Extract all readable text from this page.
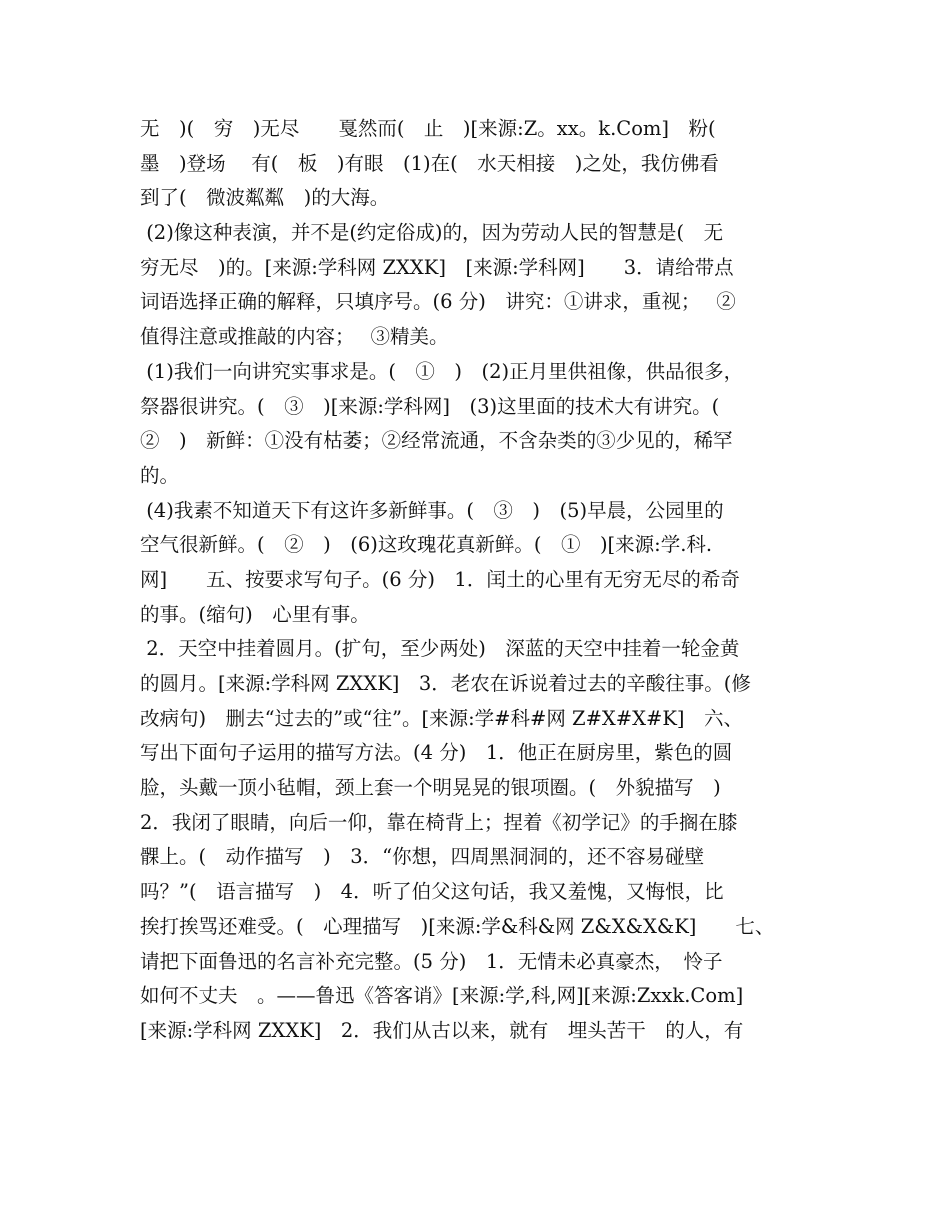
无　)(　穷　)无尽　　戛然而(　止　)[来源:Z。xx。k.Com]　粉(
墨　)登场　 有(　板　)有眼　(1)在(　水天相接　)之处，我仿佛看
到了(　微波粼粼　)的大海。
(2)像这种表演，并不是(约定俗成)的，因为劳动人民的智慧是(　无
穷无尽　)的。[来源:学科网 ZXXK]　[来源:学科网]　　3．请给带点
词语选择正确的解释，只填序号。(6 分)　讲究：①讲求，重视；　 ②
值得注意或推敲的内容；　 ③精美。
(1)我们一向讲究实事求是。(　①　)　(2)正月里供祖像，供品很多，
祭器很讲究。(　③　)[来源:学科网]　(3)这里面的技术大有讲究。(
②　)　新鲜：①没有枯萎；②经常流通，不含杂类的③少见的，稀罕
的。
(4)我素不知道天下有这许多新鲜事。(　③　)　(5)早晨，公园里的
空气很新鲜。(　②　)　(6)这玫瑰花真新鲜。(　①　)[来源:学.科.
网]　　五、按要求写句子。(6 分)　1．闰土的心里有无穷无尽的希奇
的事。(缩句)　心里有事。
2．天空中挂着圆月。(扩句，至少两处)　深蓝的天空中挂着一轮金黄
的圆月。[来源:学科网 ZXXK]　3．老农在诉说着过去的辛酸往事。(修
改病句)　删去“过去的”或“往”。[来源:学#科#网 Z#X#X#K]　六、
写出下面句子运用的描写方法。(4 分)　1．他正在厨房里，紫色的圆
脸，头戴一顶小毡帽，颈上套一个明晃晃的银项圈。(　外貌描写　)
2．我闭了眼睛，向后一仰，靠在椅背上；捏着《初学记》的手搁在膝
髁上。(　动作描写　)　3．“你想，四周黑洞洞的，还不容易碰壁
吗？”(　语言描写　)　4．听了伯父这句话，我又羞愧，又悔恨，比
挨打挨骂还难受。(　心理描写　)[来源:学&科&网 Z&X&X&K]　　七、
请把下面鲁迅的名言补充完整。(5 分)　1．无情未必真豪杰，　怜子
如何不丈夫　。——鲁迅《答客诮》[来源:学,科,网][来源:Zxxk.Com]
[来源:学科网 ZXXK]　2．我们从古以来，就有　埋头苦干　的人，有
